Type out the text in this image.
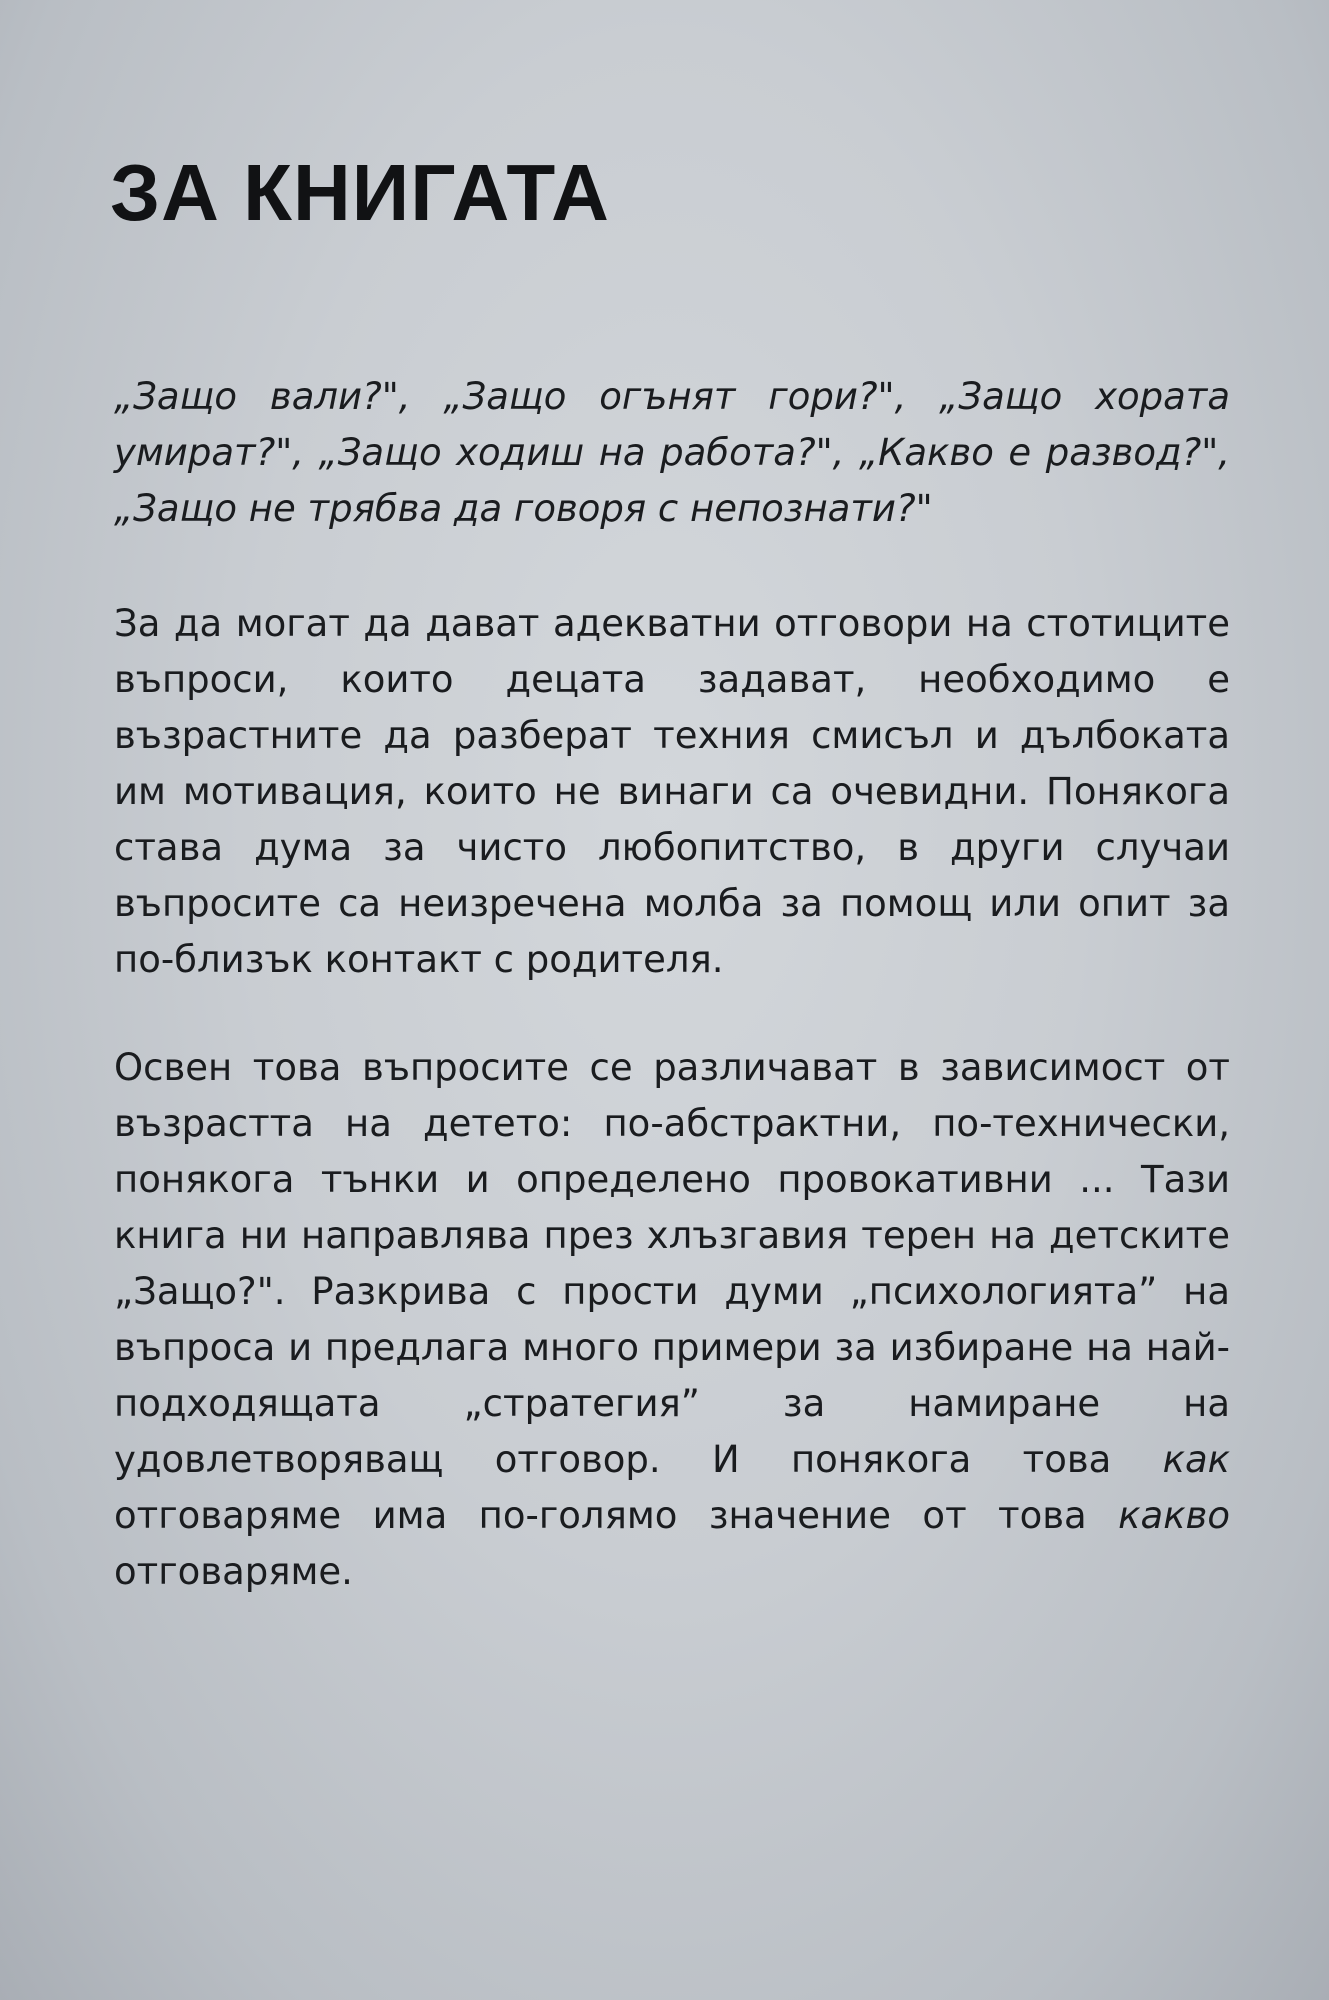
ЗА КНИГАТА

„Защо вали?", „Защо огънят гори?", „Защо хората умират?", „Защо ходиш на работа?", „Какво е развод?", „Защо не трябва да говоря с непознати?"

За да могат да дават адекватни отговори на стотиците въпроси, които децата задават, необходимо е възрастните да разберат техния смисъл и дълбоката им мотивация, които не винаги са очевидни. Понякога става дума за чисто любопитство, в други случаи въпросите са неизречена молба за помощ или опит за по-близък контакт с родителя.

Освен това въпросите се различават в зависимост от възрастта на детето: по-абстрактни, по-технически, понякога тънки и определено провокативни ... Тази книга ни направлява през хлъзгавия терен на детските „Защо?". Разкрива с прости думи „психологията” на въпроса и предлага много примери за избиране на най-подходящата „стратегия” за намиране на удовлетворяващ отговор. И понякога това как отговаряме има по-голямо значение от това какво отговаряме.
